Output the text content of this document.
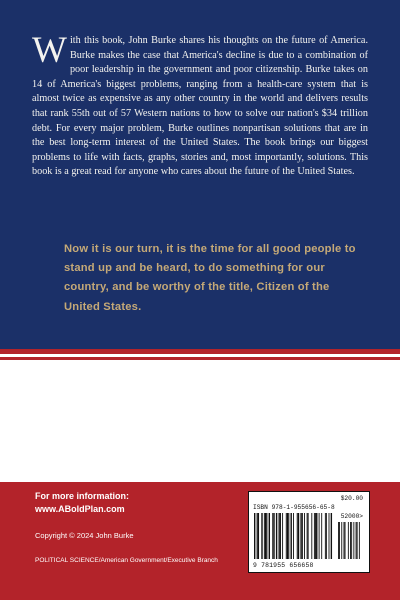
With this book, John Burke shares his thoughts on the future of America. Burke makes the case that America's decline is due to a combination of poor leadership in the government and poor citizenship. Burke takes on 14 of America's biggest problems, ranging from a health-care system that is almost twice as expensive as any other country in the world and delivers results that rank 55th out of 57 Western nations to how to solve our nation's $34 trillion debt. For every major problem, Burke outlines nonpartisan solutions that are in the best long-term interest of the United States. The book brings our biggest problems to life with facts, graphs, stories and, most importantly, solutions. This book is a great read for anyone who cares about the future of the United States.

Now it is our turn, it is the time for all good people to stand up and be heard, to do something for our country, and be worthy of the title, Citizen of the United States.

For more information:

www.ABoldPlan.com

Copyright © 2024 John Burke

POLITICAL SCIENCE/American Government/Executive Branch

$20.00
ISBN 978-1-955656-65-8
9 781955 656658
52000>
